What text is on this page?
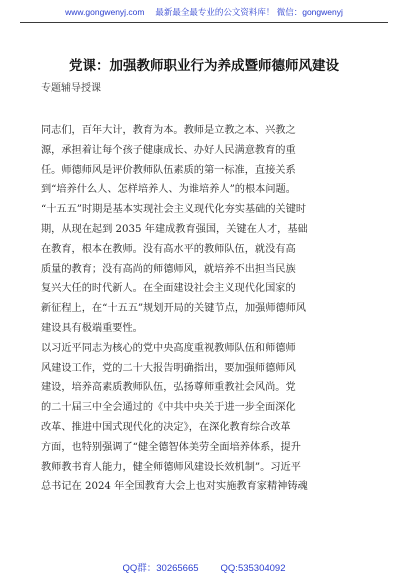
www.gongwenyj.com　 最新最全最专业的公文资料库！ 微信：gongwenyj
党课：加强教师职业行为养成暨师德师风建设
专题辅导授课
同志们，百年大计，教育为本。教师是立教之本、兴教之
源，承担着让每个孩子健康成长、办好人民满意教育的重
任。师德师风是评价教师队伍素质的第一标准，直接关系
到“培养什么人、怎样培养人、为谁培养人”的根本问题。
“十五五”时期是基本实现社会主义现代化夯实基础的关键时
期，从现在起到 2035 年建成教育强国，关键在人才，基础
在教育，根本在教师。没有高水平的教师队伍，就没有高
质量的教育；没有高尚的师德师风，就培养不出担当民族
复兴大任的时代新人。在全面建设社会主义现代化国家的
新征程上，在“十五五”规划开局的关键节点，加强师德师风
建设具有极端重要性。
以习近平同志为核心的党中央高度重视教师队伍和师德师
风建设工作，党的二十大报告明确指出，要加强师德师风
建设，培养高素质教师队伍，弘扬尊师重教社会风尚。党
的二十届三中全会通过的《中共中央关于进一步全面深化
改革、推进中国式现代化的决定》，在深化教育综合改革
方面，也特别强调了“健全德智体美劳全面培养体系，提升
教师教书育人能力，健全师德师风建设长效机制”。习近平
总书记在 2024 年全国教育大会上也对实施教育家精神铸魂
QQ群：30265665 QQ:535304092
